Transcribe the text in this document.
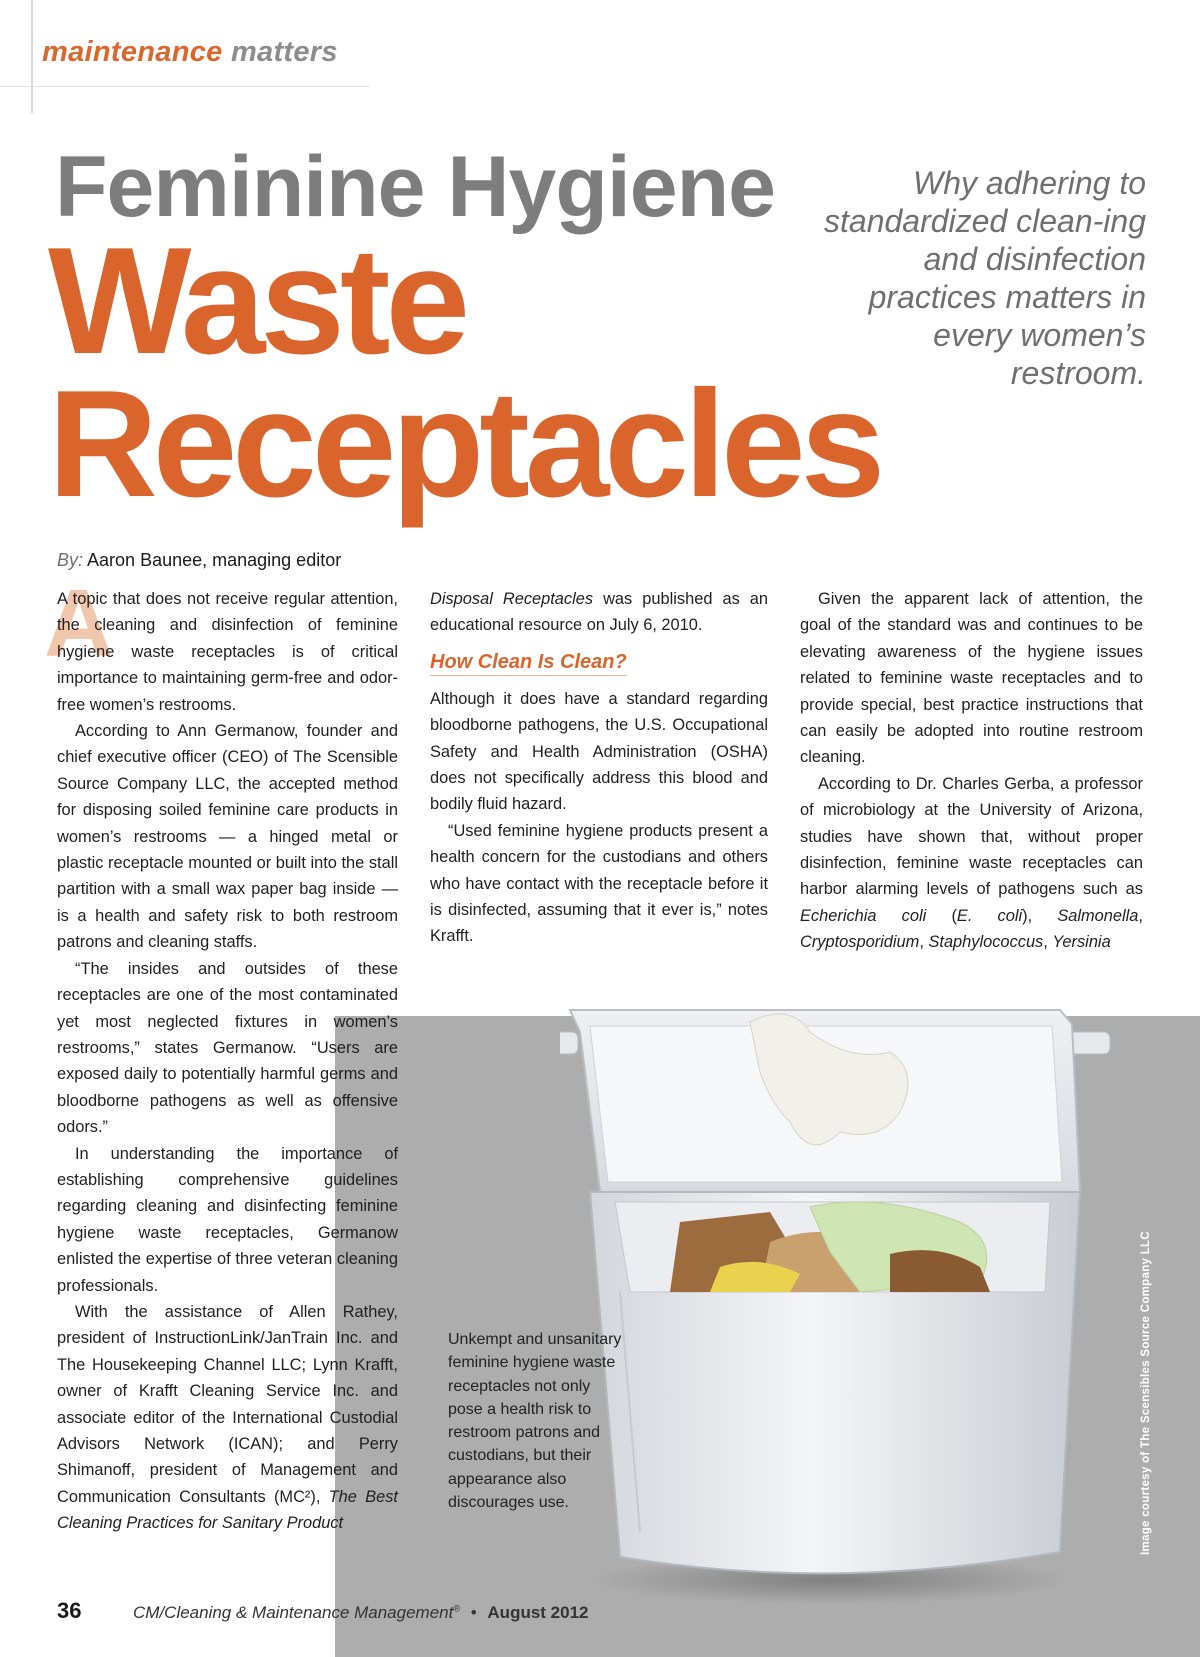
maintenance matters
Feminine Hygiene
Waste
Receptacles
Why adhering to standardized clean-ing and disinfection practices matters in every women’s restroom.
By: Aaron Baunee, managing editor
A

A topic that does not receive regular attention, the cleaning and disinfection of feminine hygiene waste receptacles is of critical importance to maintaining germ-free and odor-free women’s restrooms.

According to Ann Germanow, founder and chief executive officer (CEO) of The Scensible Source Company LLC, the accepted method for disposing soiled feminine care products in women’s restrooms — a hinged metal or plastic receptacle mounted or built into the stall partition with a small wax paper bag inside — is a health and safety risk to both restroom patrons and cleaning staffs.

“The insides and outsides of these receptacles are one of the most contaminated yet most neglected fixtures in women’s restrooms,” states Germanow. “Users are exposed daily to potentially harmful germs and bloodborne pathogens as well as offensive odors.”

In understanding the importance of establishing comprehensive guidelines regarding cleaning and disinfecting feminine hygiene waste receptacles, Germanow enlisted the expertise of three veteran cleaning professionals.

With the assistance of Allen Rathey, president of InstructionLink/JanTrain Inc. and The Housekeeping Channel LLC; Lynn Krafft, owner of Krafft Cleaning Service Inc. and associate editor of the International Custodial Advisors Network (ICAN); and Perry Shimanoff, president of Management and Communication Consultants (MC²), The Best Cleaning Practices for Sanitary Product

Disposal Receptacles was published as an educational resource on July 6, 2010.

How Clean Is Clean?

Although it does have a standard regarding bloodborne pathogens, the U.S. Occupational Safety and Health Administration (OSHA) does not specifically address this blood and bodily fluid hazard.

“Used feminine hygiene products present a health concern for the custodians and others who have contact with the receptacle before it is disinfected, assuming that it ever is,” notes Krafft.

Given the apparent lack of attention, the goal of the standard was and continues to be elevating awareness of the hygiene issues related to feminine waste receptacles and to provide special, best practice instructions that can easily be adopted into routine restroom cleaning.

According to Dr. Charles Gerba, a professor of microbiology at the University of Arizona, studies have shown that, without proper disinfection, feminine waste receptacles can harbor alarming levels of pathogens such as Echerichia coli (E. coli), Salmonella, Cryptosporidium, Staphylococcus, Yersinia

Unkempt and unsanitary feminine hygiene waste receptacles not only pose a health risk to restroom patrons and custodians, but their appearance also discourages use.	Image courtesy of The Scensibles Source Company LLC
36	CM/Cleaning & Maintenance Management® • August 2012
